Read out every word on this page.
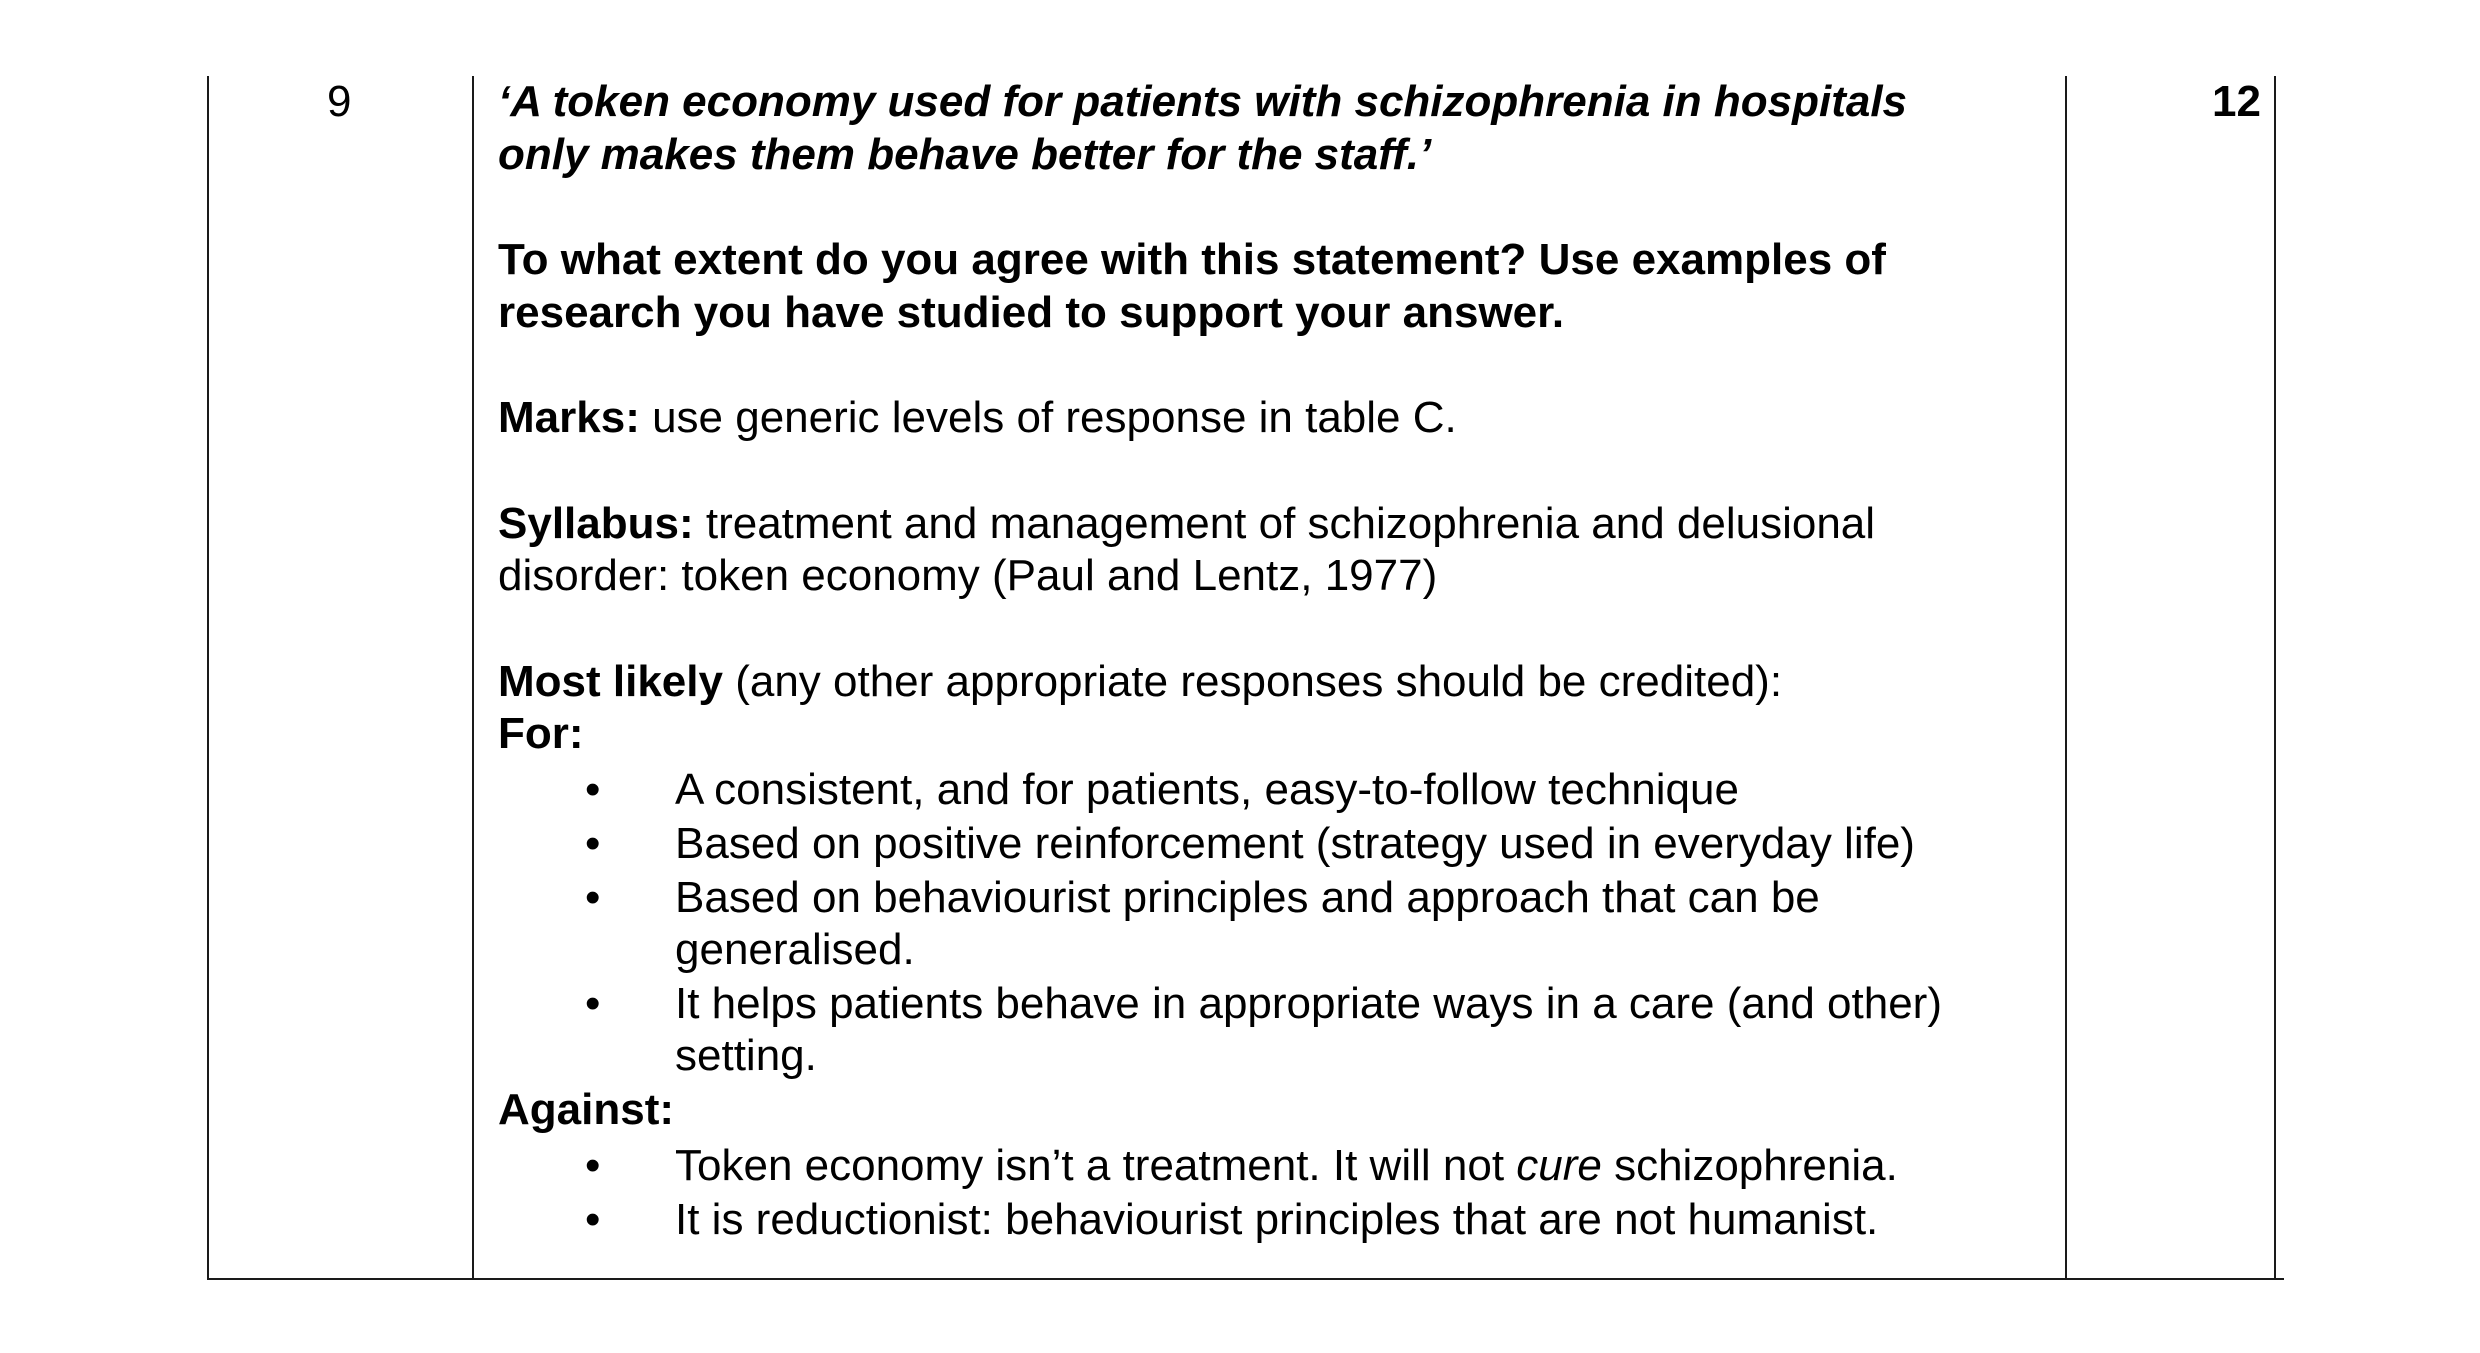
9	12
‘A token economy used for patients with schizophrenia in hospitals
only makes them behave better for the staff.’
To what extent do you agree with this statement? Use examples of
research you have studied to support your answer.
Marks: use generic levels of response in table C.
Syllabus: treatment and management of schizophrenia and delusional
disorder: token economy (Paul and Lentz, 1977)
Most likely (any other appropriate responses should be credited):
For:
• A consistent, and for patients, easy-to-follow technique
• Based on positive reinforcement (strategy used in everyday life)
• Based on behaviourist principles and approach that can be generalised.
• It helps patients behave in appropriate ways in a care (and other) setting.
Against:
• Token economy isn’t a treatment. It will not cure schizophrenia.
• It is reductionist: behaviourist principles that are not humanist.
